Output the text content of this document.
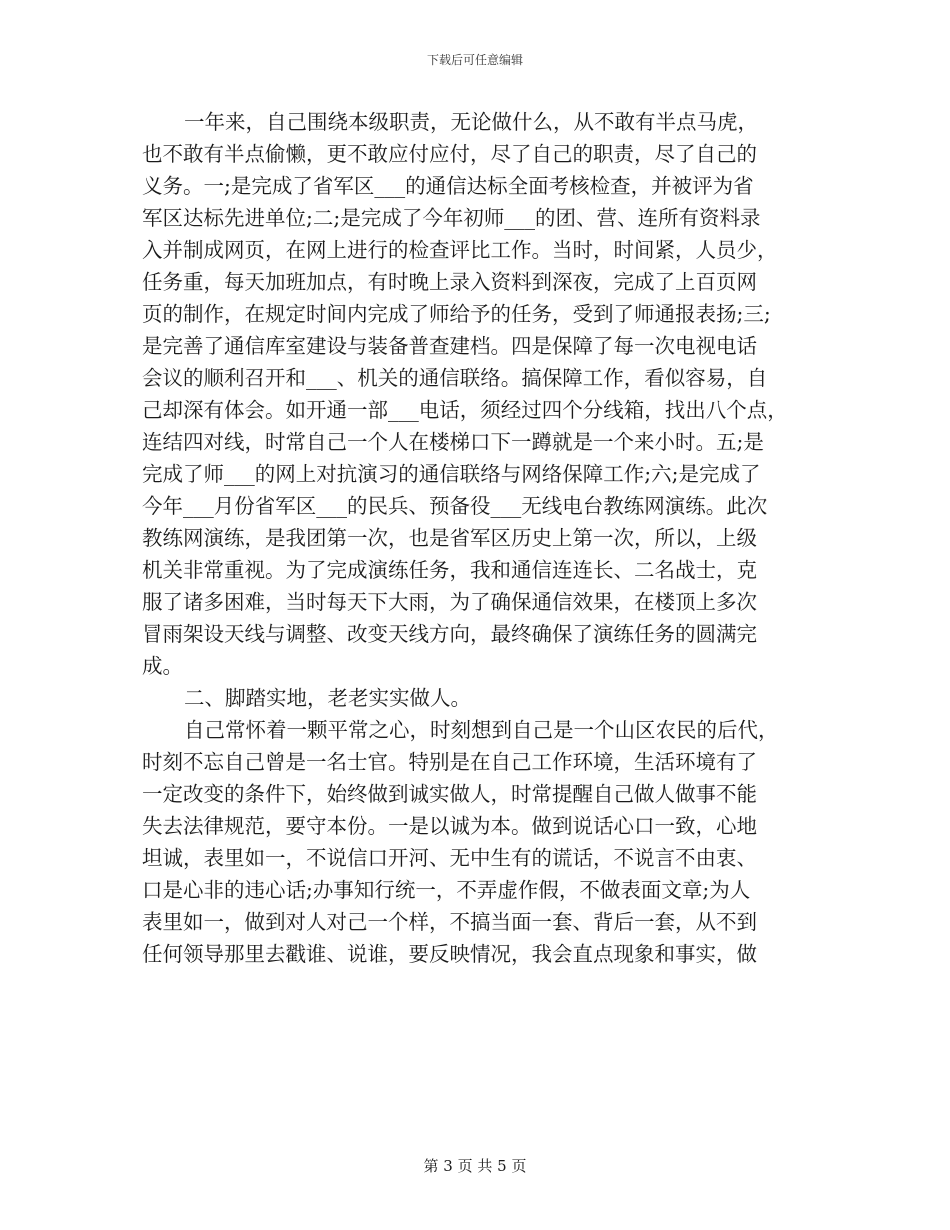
下载后可任意编辑
一年来，自己围绕本级职责，无论做什么，从不敢有半点马虎，
也不敢有半点偷懒，更不敢应付应付，尽了自己的职责，尽了自己的
义务。一;是完成了省军区___的通信达标全面考核检查，并被评为省
军区达标先进单位;二;是完成了今年初师___的团、营、连所有资料录
入并制成网页，在网上进行的检查评比工作。当时，时间紧，人员少，
任务重，每天加班加点，有时晚上录入资料到深夜，完成了上百页网
页的制作，在规定时间内完成了师给予的任务，受到了师通报表扬;三;
是完善了通信库室建设与装备普查建档。四是保障了每一次电视电话
会议的顺利召开和___、机关的通信联络。搞保障工作，看似容易，自
己却深有体会。如开通一部___电话，须经过四个分线箱，找出八个点，
连结四对线，时常自己一个人在楼梯口下一蹲就是一个来小时。五;是
完成了师___的网上对抗演习的通信联络与网络保障工作;六;是完成了
今年___月份省军区___的民兵、预备役___无线电台教练网演练。此次
教练网演练，是我团第一次，也是省军区历史上第一次，所以，上级
机关非常重视。为了完成演练任务，我和通信连连长、二名战士，克
服了诸多困难，当时每天下大雨，为了确保通信效果，在楼顶上多次
冒雨架设天线与调整、改变天线方向，最终确保了演练任务的圆满完
成。
二、脚踏实地，老老实实做人。
自己常怀着一颗平常之心，时刻想到自己是一个山区农民的后代，
时刻不忘自己曾是一名士官。特别是在自己工作环境，生活环境有了
一定改变的条件下，始终做到诚实做人，时常提醒自己做人做事不能
失去法律规范，要守本份。一是以诚为本。做到说话心口一致，心地
坦诚，表里如一，不说信口开河、无中生有的谎话，不说言不由衷、
口是心非的违心话;办事知行统一，不弄虚作假，不做表面文章;为人
表里如一，做到对人对己一个样，不搞当面一套、背后一套，从不到
任何领导那里去戳谁、说谁，要反映情况，我会直点现象和事实，做
第 3 页 共 5 页
